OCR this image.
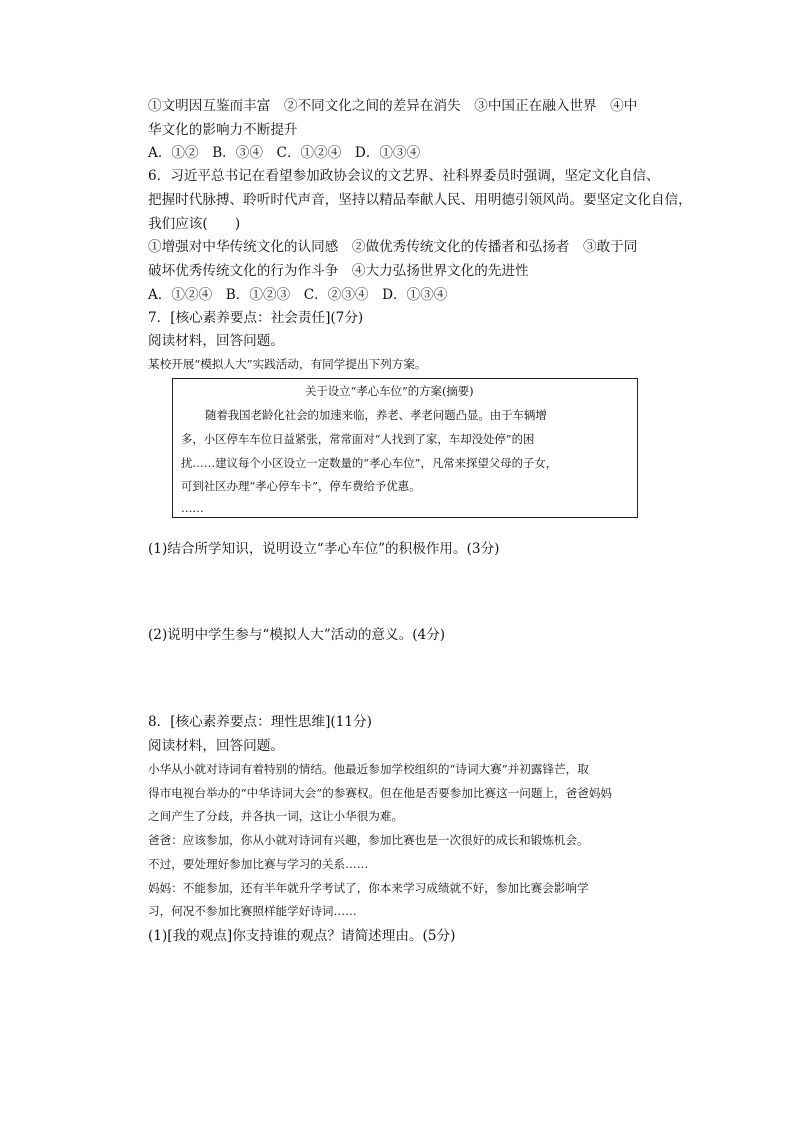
①文明因互鉴而丰富　②不同文化之间的差异在消失　③中国正在融入世界　④中
华文化的影响力不断提升
A．①②　B．③④　C．①②④　D．①③④
6．习近平总书记在看望参加政协会议的文艺界、社科界委员时强调，坚定文化自信、
把握时代脉搏、聆听时代声音，坚持以精品奉献人民、用明德引领风尚。要坚定文化自信，
我们应该(　　)
①增强对中华传统文化的认同感　②做优秀传统文化的传播者和弘扬者　③敢于同
破坏优秀传统文化的行为作斗争　④大力弘扬世界文化的先进性
A．①②④　B．①②③　C．②③④　D．①③④
7．[核心素养要点：社会责任](7分)
阅读材料，回答问题。
某校开展“模拟人大”实践活动，有同学提出下列方案。
关于设立“孝心车位”的方案(摘要)
随着我国老龄化社会的加速来临，养老、孝老问题凸显。由于车辆增
多，小区停车车位日益紧张，常常面对“人找到了家，车却没处停”的困
扰……建议每个小区设立一定数量的“孝心车位”，凡常来探望父母的子女，
可到社区办理“孝心停车卡”，停车费给予优惠。
……
(1)结合所学知识，说明设立“孝心车位”的积极作用。(3分)
(2)说明中学生参与“模拟人大”活动的意义。(4分)
8．[核心素养要点：理性思维](11分)
阅读材料，回答问题。
小华从小就对诗词有着特别的情结。他最近参加学校组织的“诗词大赛”并初露锋芒，取
得市电视台举办的“中华诗词大会”的参赛权。但在他是否要参加比赛这一问题上，爸爸妈妈
之间产生了分歧，并各执一词，这让小华很为难。
爸爸：应该参加，你从小就对诗词有兴趣，参加比赛也是一次很好的成长和锻炼机会。
不过，要处理好参加比赛与学习的关系……
妈妈：不能参加，还有半年就升学考试了，你本来学习成绩就不好，参加比赛会影响学
习，何况不参加比赛照样能学好诗词……
(1)[我的观点]你支持谁的观点？请简述理由。(5分)
